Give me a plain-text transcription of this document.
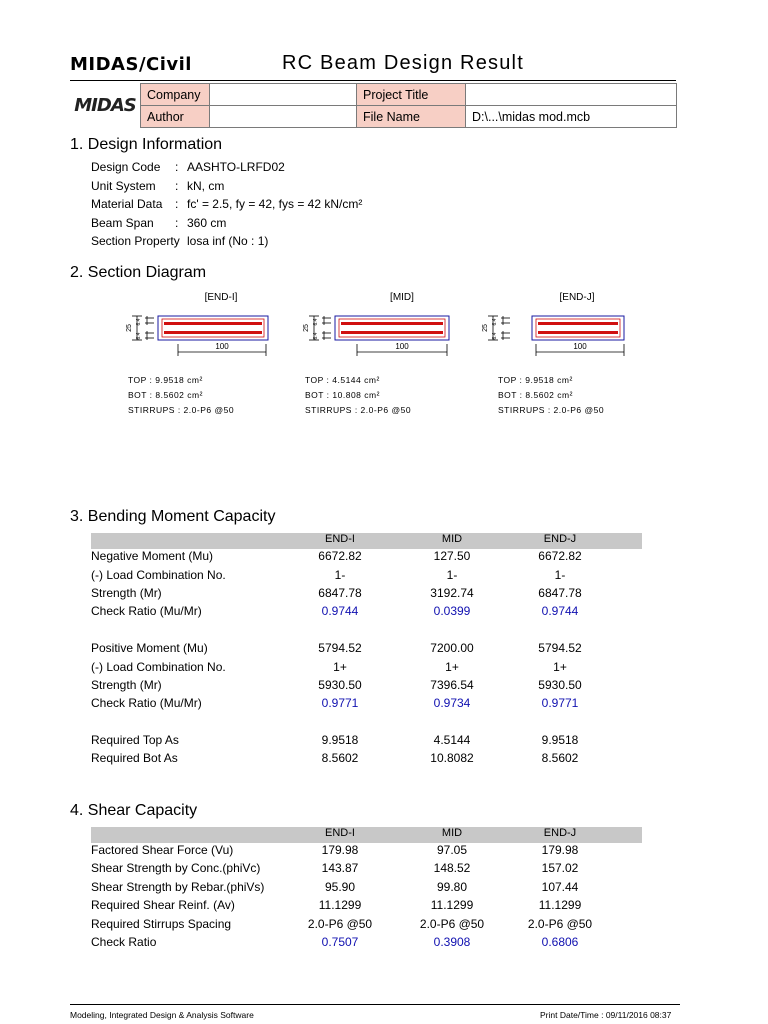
MIDAS/Civil	RC Beam Design Result
MIDAS	Company		Project Title	
	Author		File Name	D:\...\midas mod.mcb
1. Design Information
Design Code : AASHTO-LRFD02
Unit System : kN, cm
Material Data : fc' = 2.5, fy = 42, fys = 42 kN/cm²
Beam Span : 360 cm
Section Property losa inf (No : 1)
2. Section Diagram
[END-I]
25
6.4
6.4
100
TOP : 9.9518 cm²
BOT : 8.5602 cm²
STIRRUPS : 2.0-P6 @50
[MID]
25
6.4
6.4
100
TOP : 4.5144 cm²
BOT : 10.808 cm²
STIRRUPS : 2.0-P6 @50
[END-J]
25
6.4
6.4
100
TOP : 9.9518 cm²
BOT : 8.5602 cm²
STIRRUPS : 2.0-P6 @50
3. Bending Moment Capacity
END-I	MID	END-J
Negative Moment (Mu)	6672.82	127.50	6672.82
(-) Load Combination No.	1-	1-	1-
Strength (Mr)	6847.78	3192.74	6847.78
Check Ratio (Mu/Mr)	0.9744	0.0399	0.9744
Positive Moment (Mu)	5794.52	7200.00	5794.52
(-) Load Combination No.	1+	1+	1+
Strength (Mr)	5930.50	7396.54	5930.50
Check Ratio (Mu/Mr)	0.9771	0.9734	0.9771
Required Top As	9.9518	4.5144	9.9518
Required Bot As	8.5602	10.8082	8.5602
4. Shear Capacity
END-I	MID	END-J
Factored Shear Force (Vu)	179.98	97.05	179.98
Shear Strength by Conc.(phiVc)	143.87	148.52	157.02
Shear Strength by Rebar.(phiVs)	95.90	99.80	107.44
Required Shear Reinf. (Av)	11.1299	11.1299	11.1299
Required Stirrups Spacing	2.0-P6 @50	2.0-P6 @50	2.0-P6 @50
Check Ratio	0.7507	0.3908	0.6806
Modeling, Integrated Design & Analysis Software	Print Date/Time : 09/11/2016 08:37
